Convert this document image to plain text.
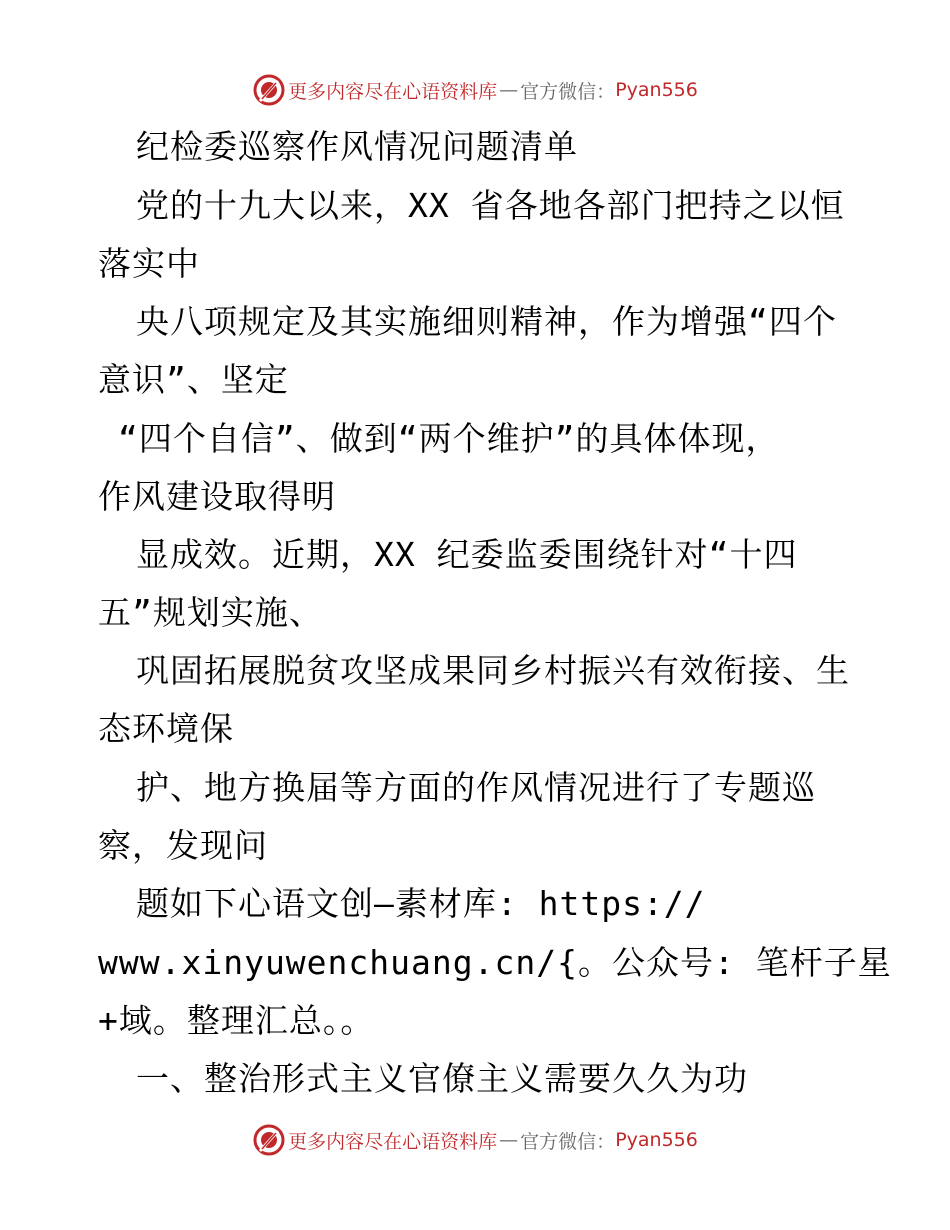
更多内容尽在心语资料库 — 官方微信： Pyan556
纪检委巡察作风情况问题清单
党的十九大以来，XX 省各地各部门把持之以恒
落实中
央八项规定及其实施细则精神，作为增强“四个
意识”、坚定
“四个自信”、做到“两个维护”的具体体现，
作风建设取得明
显成效。近期，XX 纪委监委围绕针对“十四
五”规划实施、
巩固拓展脱贫攻坚成果同乡村振兴有效衔接、生
态环境保
护、地方换届等方面的作风情况进行了专题巡
察，发现问
题如下心语文创—素材库: https://
www.xinyuwenchuang.cn/{。公众号: 笔杆子星
+域。整理汇总。。
一、整治形式主义官僚主义需要久久为功
更多内容尽在心语资料库 — 官方微信： Pyan556
